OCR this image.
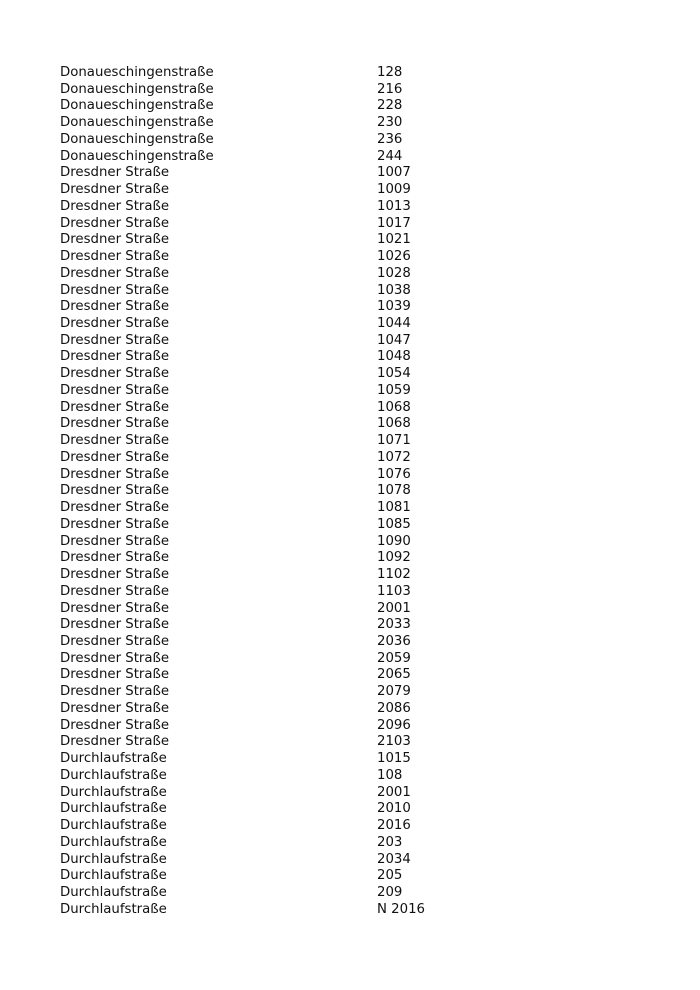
Donaueschingenstraße	128
Donaueschingenstraße	216
Donaueschingenstraße	228
Donaueschingenstraße	230
Donaueschingenstraße	236
Donaueschingenstraße	244
Dresdner Straße	1007
Dresdner Straße	1009
Dresdner Straße	1013
Dresdner Straße	1017
Dresdner Straße	1021
Dresdner Straße	1026
Dresdner Straße	1028
Dresdner Straße	1038
Dresdner Straße	1039
Dresdner Straße	1044
Dresdner Straße	1047
Dresdner Straße	1048
Dresdner Straße	1054
Dresdner Straße	1059
Dresdner Straße	1068
Dresdner Straße	1068
Dresdner Straße	1071
Dresdner Straße	1072
Dresdner Straße	1076
Dresdner Straße	1078
Dresdner Straße	1081
Dresdner Straße	1085
Dresdner Straße	1090
Dresdner Straße	1092
Dresdner Straße	1102
Dresdner Straße	1103
Dresdner Straße	2001
Dresdner Straße	2033
Dresdner Straße	2036
Dresdner Straße	2059
Dresdner Straße	2065
Dresdner Straße	2079
Dresdner Straße	2086
Dresdner Straße	2096
Dresdner Straße	2103
Durchlaufstraße	1015
Durchlaufstraße	108
Durchlaufstraße	2001
Durchlaufstraße	2010
Durchlaufstraße	2016
Durchlaufstraße	203
Durchlaufstraße	2034
Durchlaufstraße	205
Durchlaufstraße	209
Durchlaufstraße	N 2016
